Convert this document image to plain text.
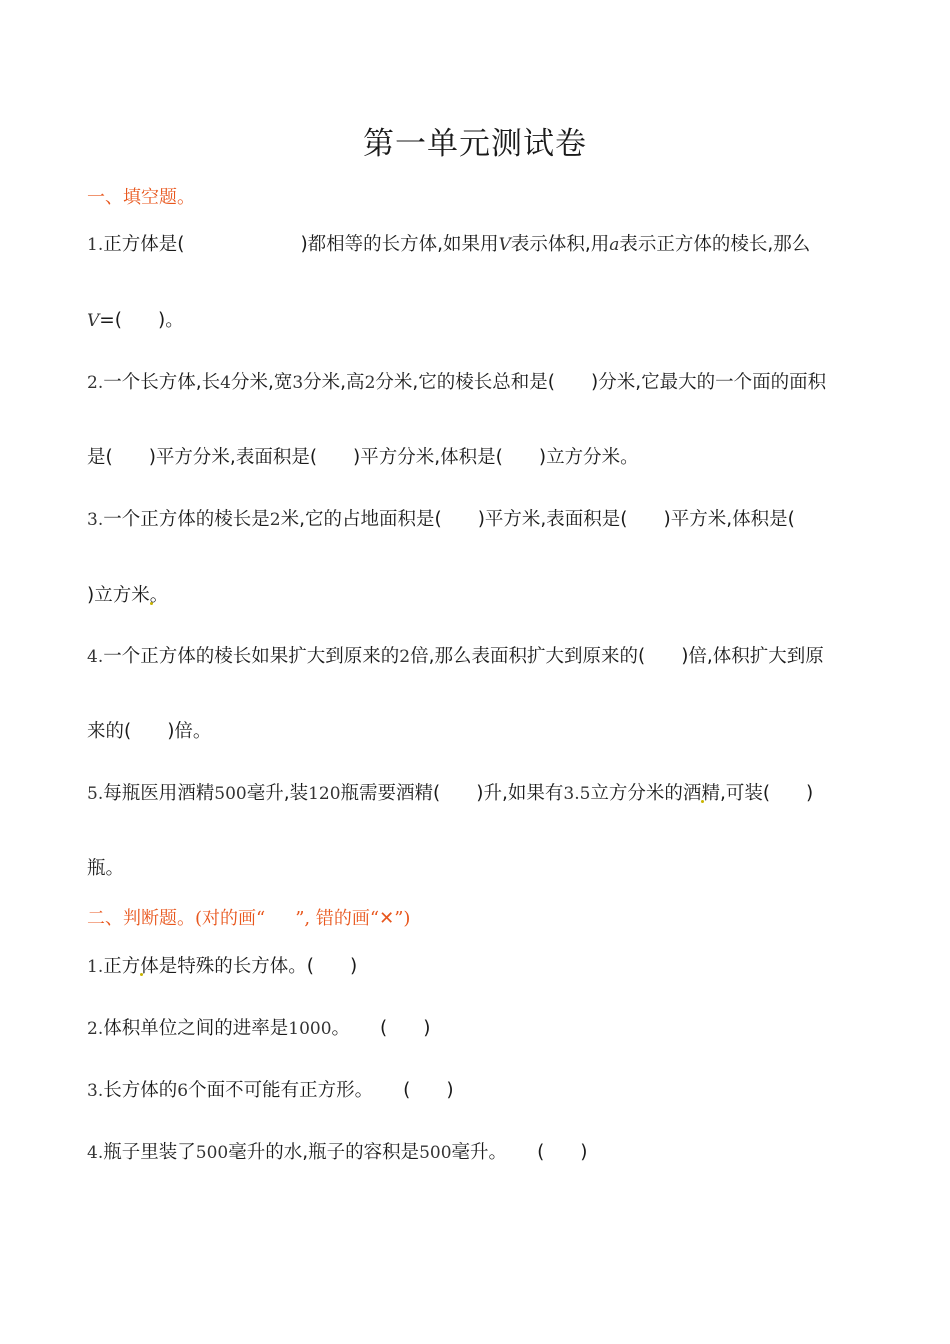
第一单元测试卷
一、填空题。
1.正方体是(	)都相等的长方体,如果用V表示体积,用a表示正方体的棱长,那么
V=( )。
2.一个长方体,长4分米,宽3分米,高2分米,它的棱长总和是( )分米,它最大的一个面的面积
是( )平方分米,表面积是( )平方分米,体积是( )立方分米。
3.一个正方体的棱长是2米,它的占地面积是( )平方米,表面积是( )平方米,体积是(
)立方米。
4.一个正方体的棱长如果扩大到原来的2倍,那么表面积扩大到原来的( )倍,体积扩大到原
来的( )倍。
5.每瓶医用酒精500毫升,装120瓶需要酒精( )升,如果有3.5立方分米的酒精,可装( )
瓶。
二、判断题。(对的画“ ”, 错的画“✕”)
1.正方体是特殊的长方体。( )
2.体积单位之间的进率是1000。 ( )
3.长方体的6个面不可能有正方形。 ( )
4.瓶子里装了500毫升的水,瓶子的容积是500毫升。 ( )
